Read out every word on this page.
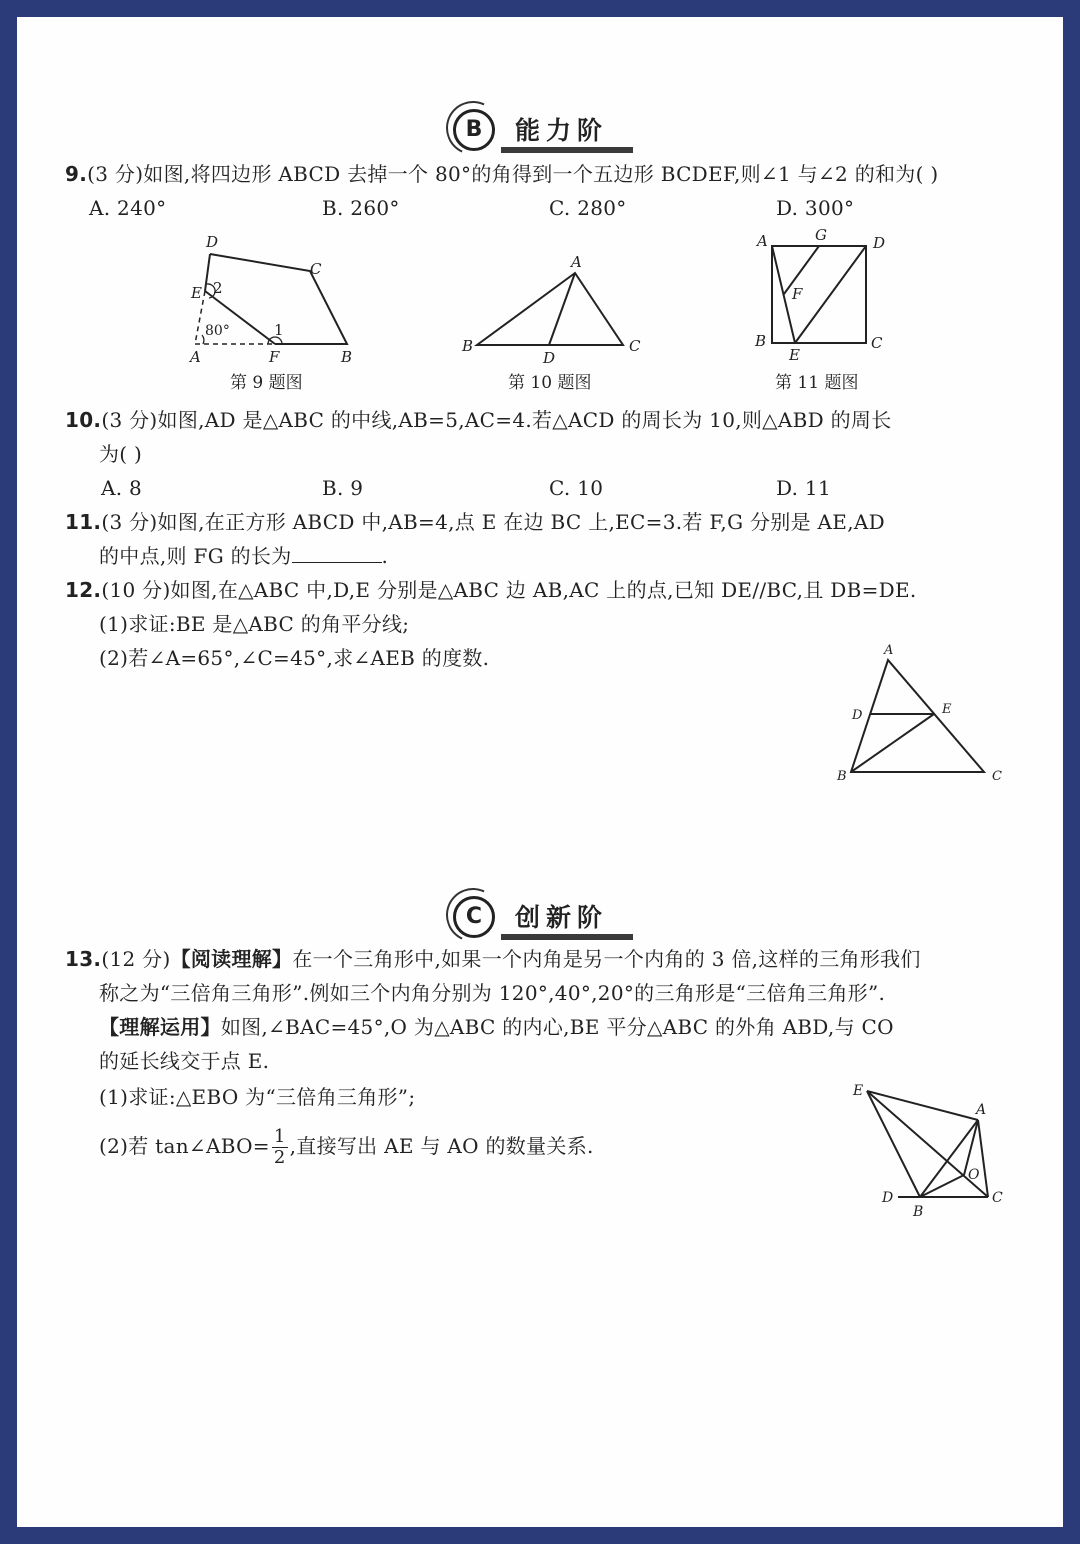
B	能力阶
9.(3 分)如图,将四边形 ABCD 去掉一个 80°的角得到一个五边形 BCDEF,则∠1 与∠2 的和为( )
A. 240°	B. 260°	C. 280°	D. 300°
D
C
E 2
80°	1
A	F	B
第 9 题图
A
B	C
D
第 10 题图
A	G	D
F
B
E
C
第 11 题图
10.(3 分)如图,AD 是△ABC 的中线,AB=5,AC=4.若△ACD 的周长为 10,则△ABD 的周长
为( )
A. 8	B. 9	C. 10	D. 11
11.(3 分)如图,在正方形 ABCD 中,AB=4,点 E 在边 BC 上,EC=3.若 F,G 分别是 AE,AD
的中点,则 FG 的长为	.
12.(10 分)如图,在△ABC 中,D,E 分别是△ABC 边 AB,AC 上的点,已知 DE//BC,且 DB=DE.
(1)求证:BE 是△ABC 的角平分线;
(2)若∠A=65°,∠C=45°,求∠AEB 的度数.	A
D	E
B	C
C	创新阶
13.(12 分)【阅读理解】在一个三角形中,如果一个内角是另一个内角的 3 倍,这样的三角形我们
称之为“三倍角三角形”.例如三个内角分别为 120°,40°,20°的三角形是“三倍角三角形”.
【理解运用】如图,∠BAC=45°,O 为△ABC 的内心,BE 平分△ABC 的外角 ABD,与 CO
的延长线交于点 E.
(1)求证:△EBO 为“三倍角三角形”;
(2)若 tan∠ABO= $\frac{1}{2}$ ,直接写出 AE 与 AO 的数量关系.
E
A
O
D
B
C
